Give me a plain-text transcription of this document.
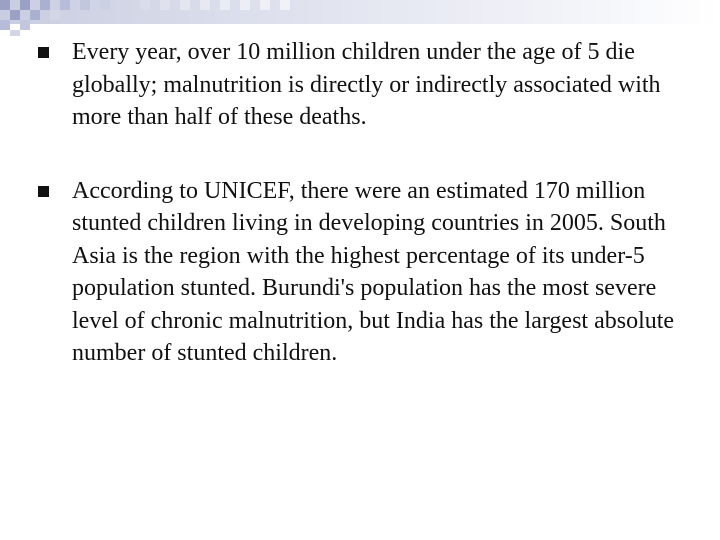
Every year, over 10 million children under the age of 5 die globally; malnutrition is directly or indirectly associated with more than half of these deaths.
According to UNICEF, there were an estimated 170 million stunted children living in developing countries in 2005. South Asia is the region with the highest percentage of its under-5 population stunted. Burundi's population has the most severe level of chronic malnutrition, but India has the largest absolute number of stunted children.
